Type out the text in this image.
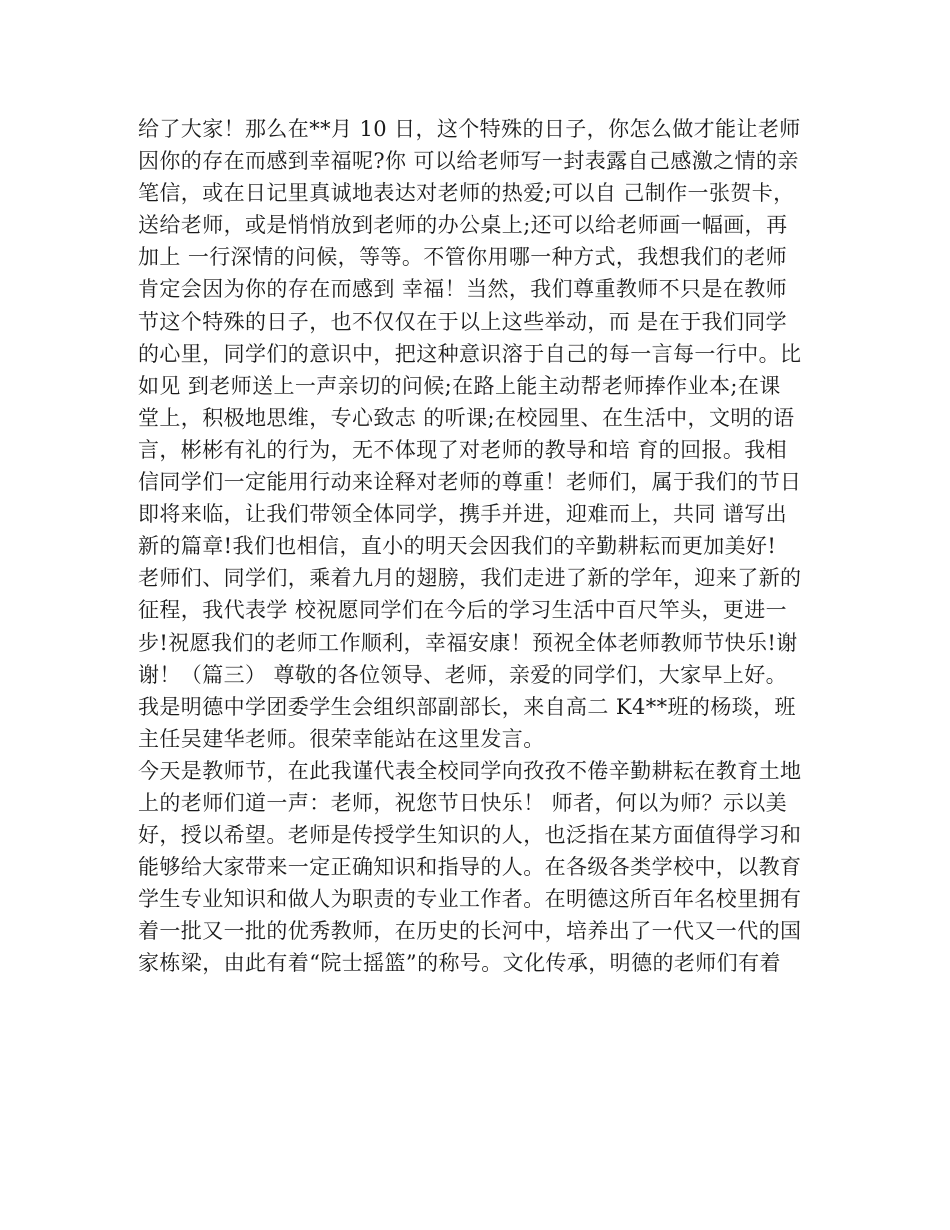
给了大家！那么在**月 10 日，这个特殊的日子，你怎么做才能让老师
因你的存在而感到幸福呢?你 可以给老师写一封表露自己感激之情的亲
笔信，或在日记里真诚地表达对老师的热爱;可以自 己制作一张贺卡，
送给老师，或是悄悄放到老师的办公桌上;还可以给老师画一幅画，再
加上 一行深情的问候，等等。不管你用哪一种方式，我想我们的老师
肯定会因为你的存在而感到 幸福！当然，我们尊重教师不只是在教师
节这个特殊的日子，也不仅仅在于以上这些举动，而 是在于我们同学
的心里，同学们的意识中，把这种意识溶于自己的每一言每一行中。比
如见 到老师送上一声亲切的问候;在路上能主动帮老师捧作业本;在课
堂上，积极地思维，专心致志 的听课;在校园里、在生活中，文明的语
言，彬彬有礼的行为，无不体现了对老师的教导和培 育的回报。我相
信同学们一定能用行动来诠释对老师的尊重！老师们，属于我们的节日
即将来临，让我们带领全体同学，携手并进，迎难而上，共同 谱写出
新的篇章!我们也相信，直小的明天会因我们的辛勤耕耘而更加美好!
老师们、同学们，乘着九月的翅膀，我们走进了新的学年，迎来了新的
征程，我代表学 校祝愿同学们在今后的学习生活中百尺竿头，更进一
步!祝愿我们的老师工作顺利，幸福安康！预祝全体老师教师节快乐!谢
谢！（篇三） 尊敬的各位领导、老师，亲爱的同学们，大家早上好。
我是明德中学团委学生会组织部副部长，来自高二 K4**班的杨琰，班
主任吴建华老师。很荣幸能站在这里发言。
今天是教师节，在此我谨代表全校同学向孜孜不倦辛勤耕耘在教育土地
上的老师们道一声：老师，祝您节日快乐！ 师者，何以为师？示以美
好，授以希望。老师是传授学生知识的人，也泛指在某方面值得学习和
能够给大家带来一定正确知识和指导的人。在各级各类学校中，以教育
学生专业知识和做人为职责的专业工作者。在明德这所百年名校里拥有
着一批又一批的优秀教师，在历史的长河中，培养出了一代又一代的国
家栋梁，由此有着“院士摇篮”的称号。文化传承，明德的老师们有着
